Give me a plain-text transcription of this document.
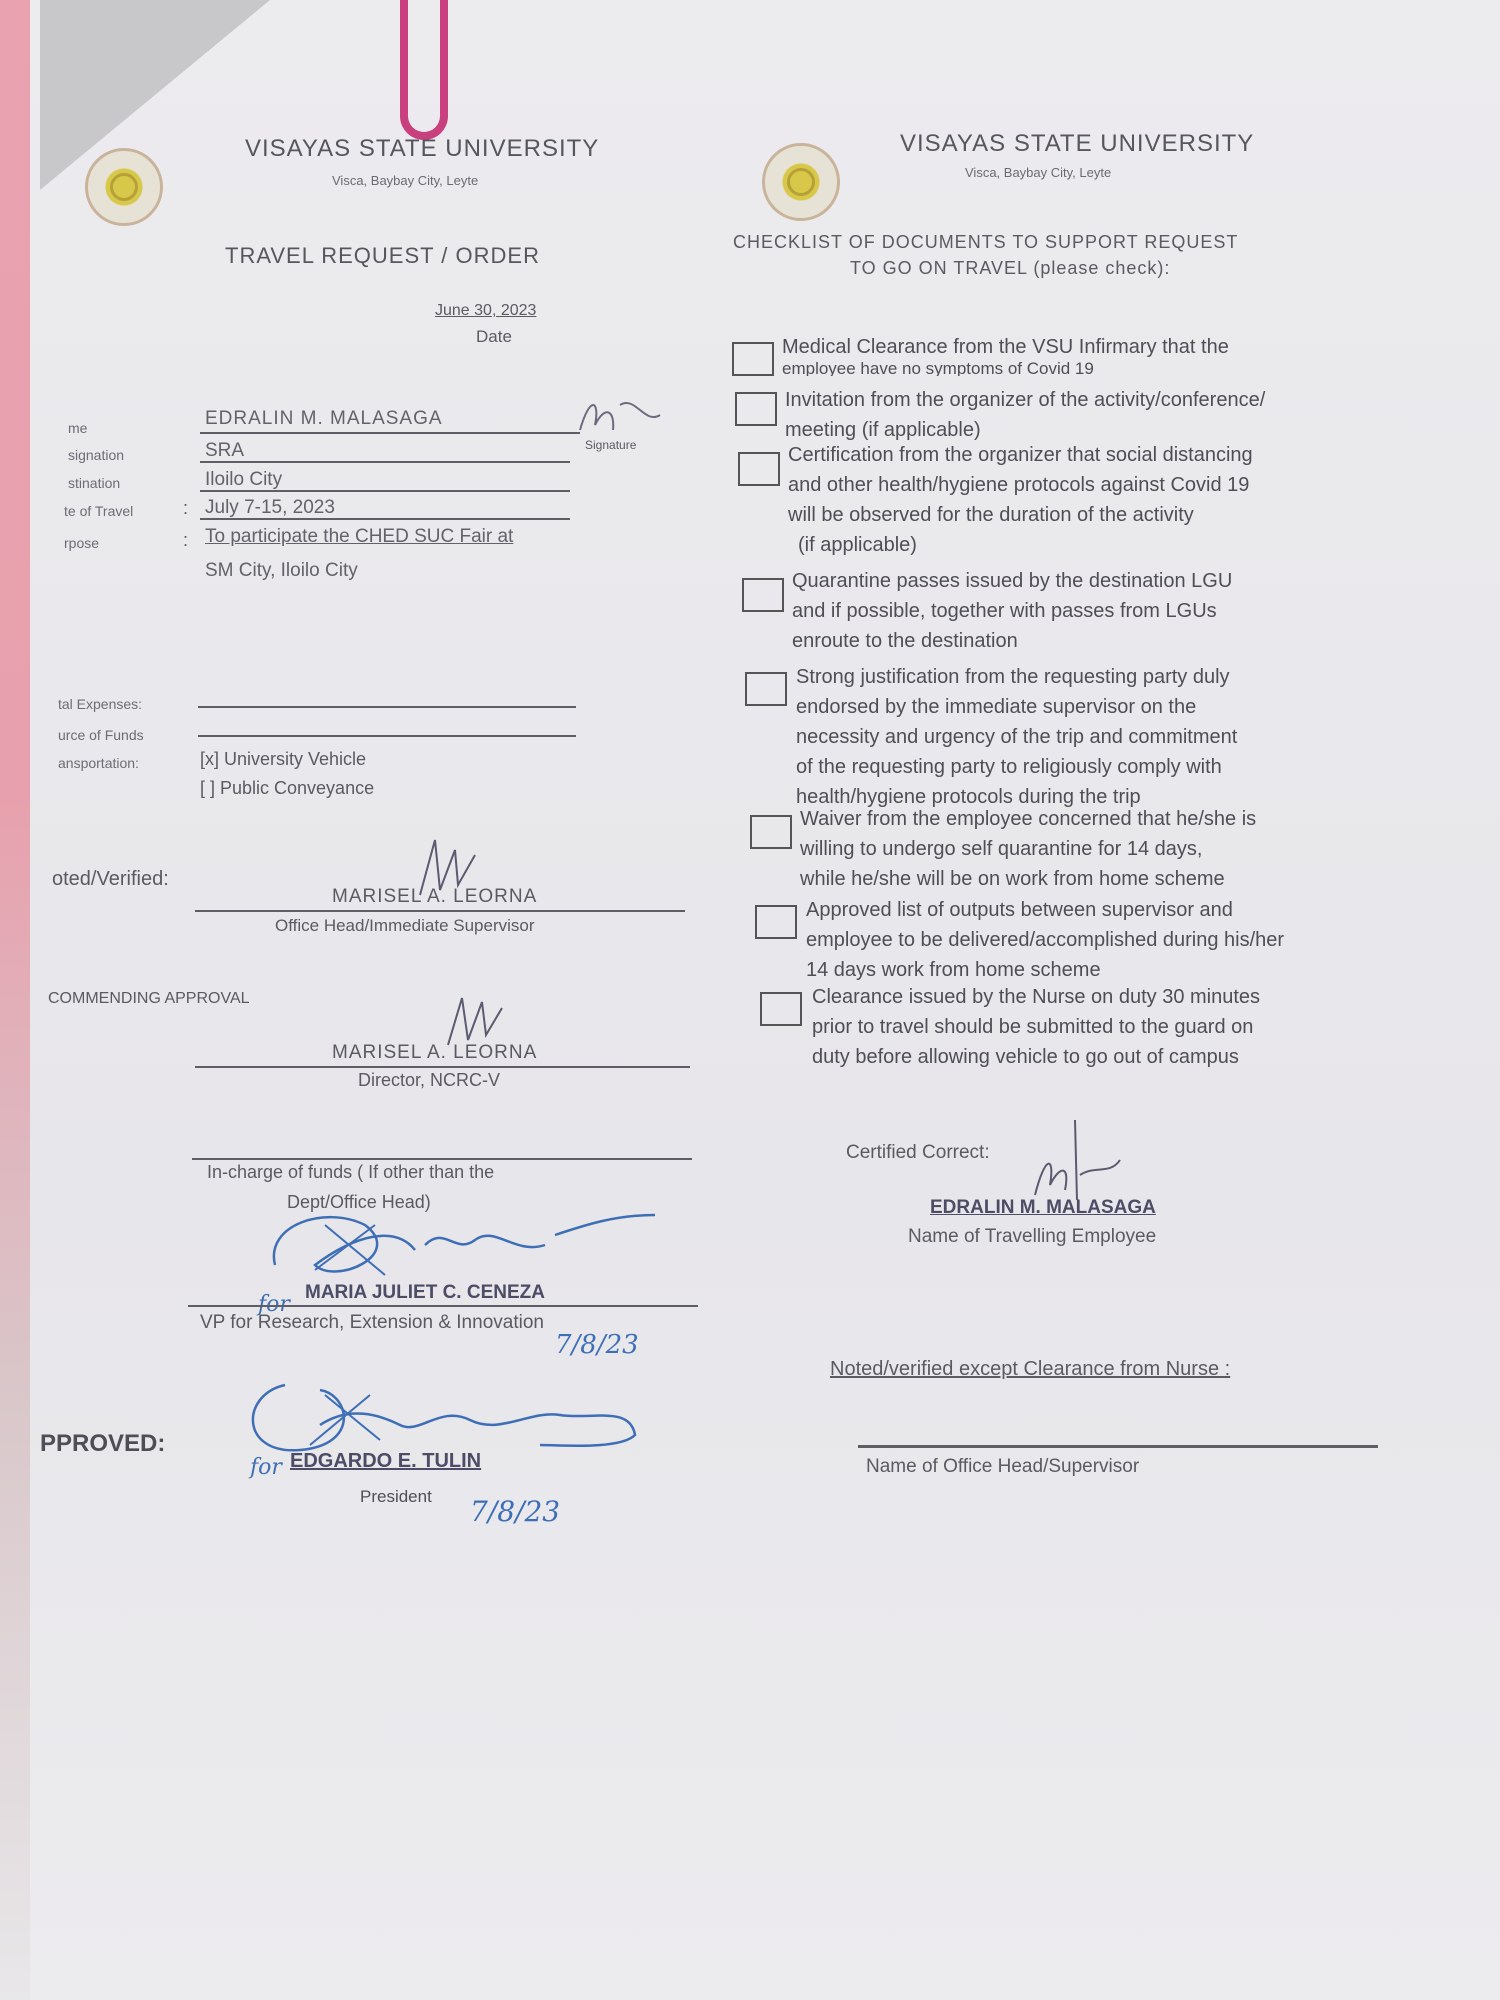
VISAYAS STATE UNIVERSITY
Visca, Baybay City, Leyte
TRAVEL REQUEST / ORDER
June 30, 2023
Date
me	EDRALIN M. MALASAGA
Signature
signation	SRA
stination	Iloilo City
te of Travel	: July 7-15, 2023
rpose	: To participate the CHED SUC Fair at
SM City, Iloilo City
tal Expenses:
urce of Funds
ansportation:	[x] University Vehicle
[ ] Public Conveyance
oted/Verified:
MARISEL A. LEORNA
Office Head/Immediate Supervisor
COMMENDING APPROVAL
MARISEL A. LEORNA
Director, NCRC-V
In-charge of funds ( If other than the
Dept/Office Head)
for MARIA JULIET C. CENEZA
VP for Research, Extension & Innovation
7/8/23
PPROVED:
for EDGARDO E. TULIN
President 7/8/23
VISAYAS STATE UNIVERSITY
Visca, Baybay City, Leyte
CHECKLIST OF DOCUMENTS TO SUPPORT REQUEST
TO GO ON TRAVEL (please check):
Medical Clearance from the VSU Infirmary that the
employee have no symptoms of Covid 19
Invitation from the organizer of the activity/conference/
meeting (if applicable)
Certification from the organizer that social distancing
and other health/hygiene protocols against Covid 19
will be observed for the duration of the activity
(if applicable)
Quarantine passes issued by the destination LGU
and if possible, together with passes from LGUs
enroute to the destination
Strong justification from the requesting party duly
endorsed by the immediate supervisor on the
necessity and urgency of the trip and commitment
of the requesting party to religiously comply with
health/hygiene protocols during the trip
Waiver from the employee concerned that he/she is
willing to undergo self quarantine for 14 days,
while he/she will be on work from home scheme
Approved list of outputs between supervisor and
employee to be delivered/accomplished during his/her
14 days work from home scheme
Clearance issued by the Nurse on duty 30 minutes
prior to travel should be submitted to the guard on
duty before allowing vehicle to go out of campus
Certified Correct:
EDRALIN M. MALASAGA
Name of Travelling Employee
Noted/verified except Clearance from Nurse :
Name of Office Head/Supervisor
